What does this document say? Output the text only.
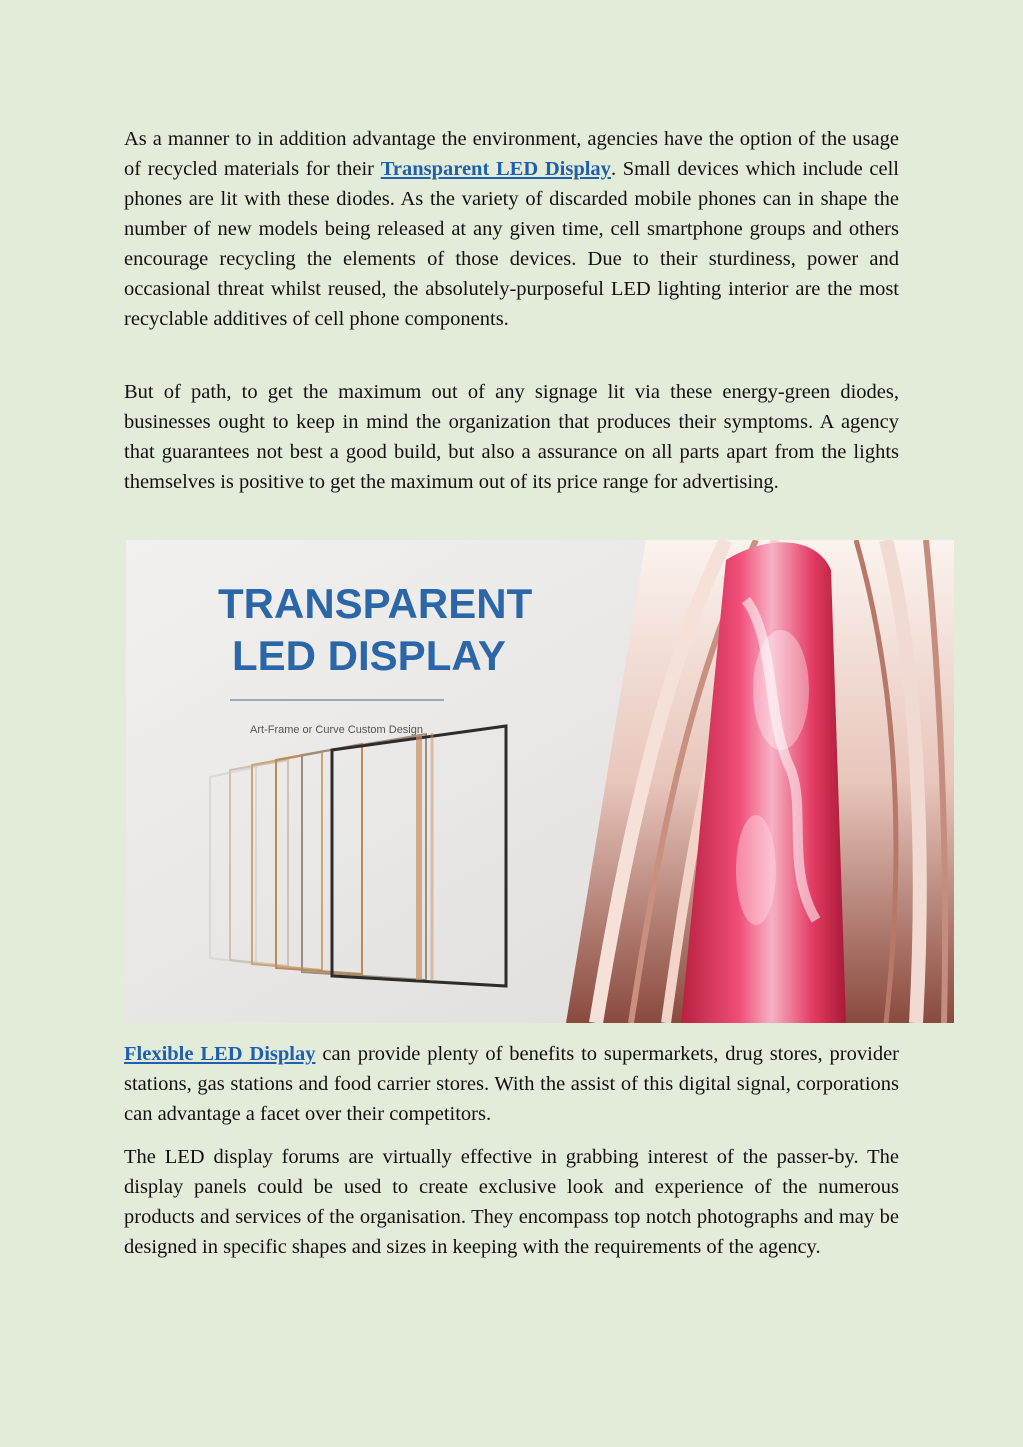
As a manner to in addition advantage the environment, agencies have the option of the usage of recycled materials for their Transparent LED Display. Small devices which include cell phones are lit with these diodes. As the variety of discarded mobile phones can in shape the number of new models being released at any given time, cell smartphone groups and others encourage recycling the elements of those devices. Due to their sturdiness, power and occasional threat whilst reused, the absolutely-purposeful LED lighting interior are the most recyclable additives of cell phone components.

But of path, to get the maximum out of any signage lit via these energy-green diodes, businesses ought to keep in mind the organization that produces their symptoms. A agency that guarantees not best a good build, but also a assurance on all parts apart from the lights themselves is positive to get the maximum out of its price range for advertising.

TRANSPARENT
LED DISPLAY
Art-Frame or Curve Custom Design

Flexible LED Display can provide plenty of benefits to supermarkets, drug stores, provider stations, gas stations and food carrier stores. With the assist of this digital signal, corporations can advantage a facet over their competitors.

The LED display forums are virtually effective in grabbing interest of the passer-by. The display panels could be used to create exclusive look and experience of the numerous products and services of the organisation. They encompass top notch photographs and may be designed in specific shapes and sizes in keeping with the requirements of the agency.
